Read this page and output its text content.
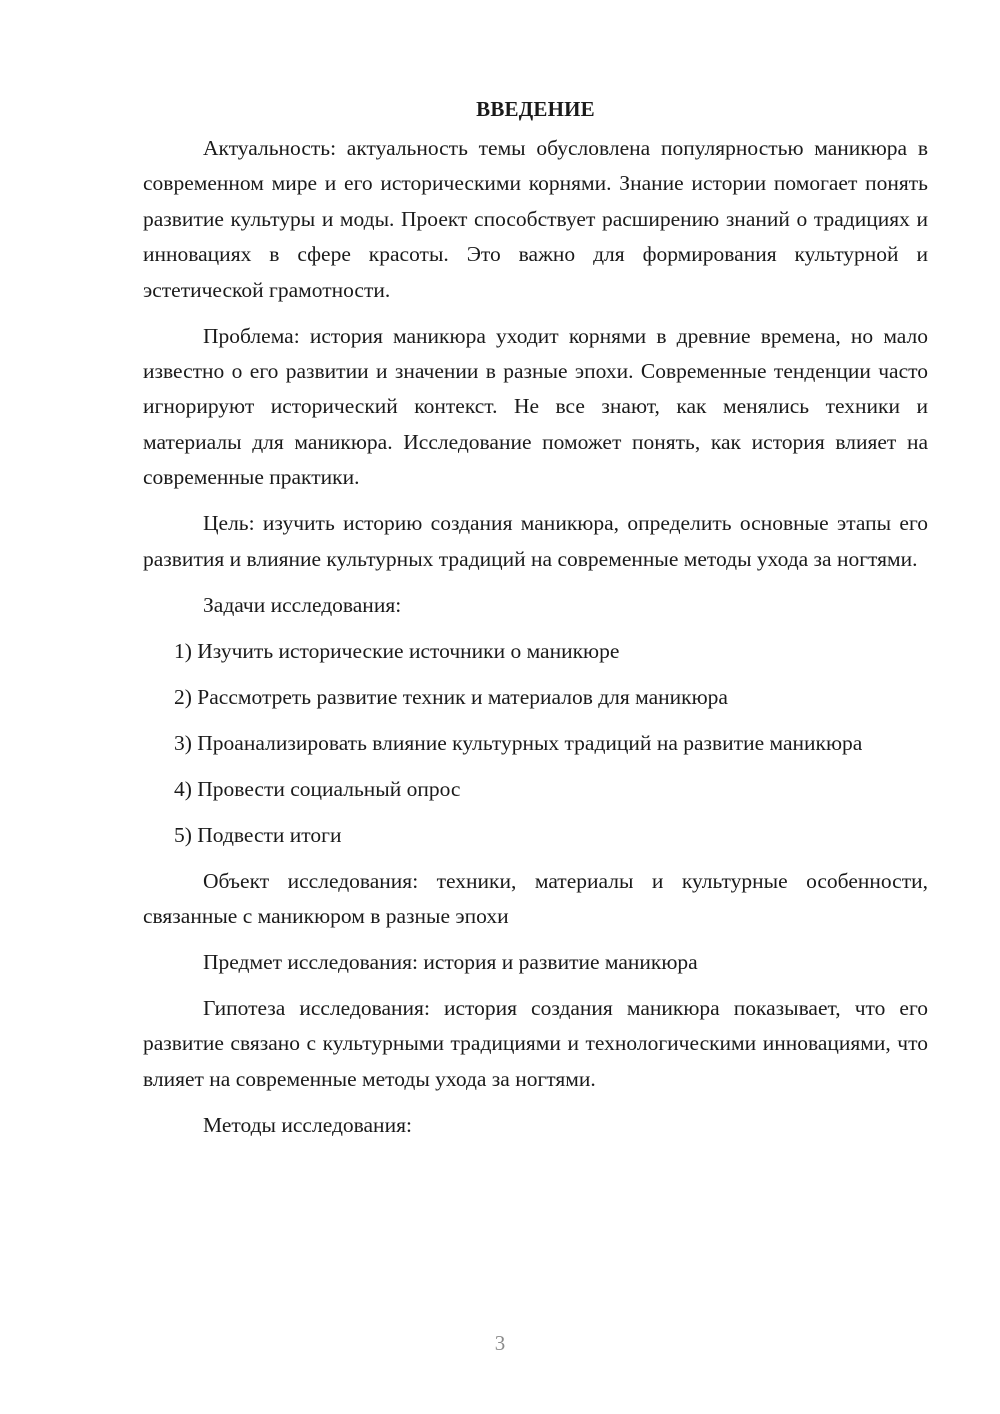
ВВЕДЕНИЕ

Актуальность: актуальность темы обусловлена популярностью маникюра в современном мире и его историческими корнями. Знание истории помогает понять развитие культуры и моды. Проект способствует расширению знаний о традициях и инновациях в сфере красоты. Это важно для формирования культурной и эстетической грамотности.

Проблема: история маникюра уходит корнями в древние времена, но мало известно о его развитии и значении в разные эпохи. Современные тенденции часто игнорируют исторический контекст. Не все знают, как менялись техники и материалы для маникюра. Исследование поможет понять, как история влияет на современные практики.

Цель: изучить историю создания маникюра, определить основные этапы его развития и влияние культурных традиций на современные методы ухода за ногтями.

Задачи исследования:

1) Изучить исторические источники о маникюре

2) Рассмотреть развитие техник и материалов для маникюра

3) Проанализировать влияние культурных традиций на развитие маникюра

4) Провести социальный опрос

5) Подвести итоги

Объект исследования: техники, материалы и культурные особенности, связанные с маникюром в разные эпохи

Предмет исследования: история и развитие маникюра

Гипотеза исследования: история создания маникюра показывает, что его развитие связано с культурными традициями и технологическими инновациями, что влияет на современные методы ухода за ногтями.

Методы исследования:

3
